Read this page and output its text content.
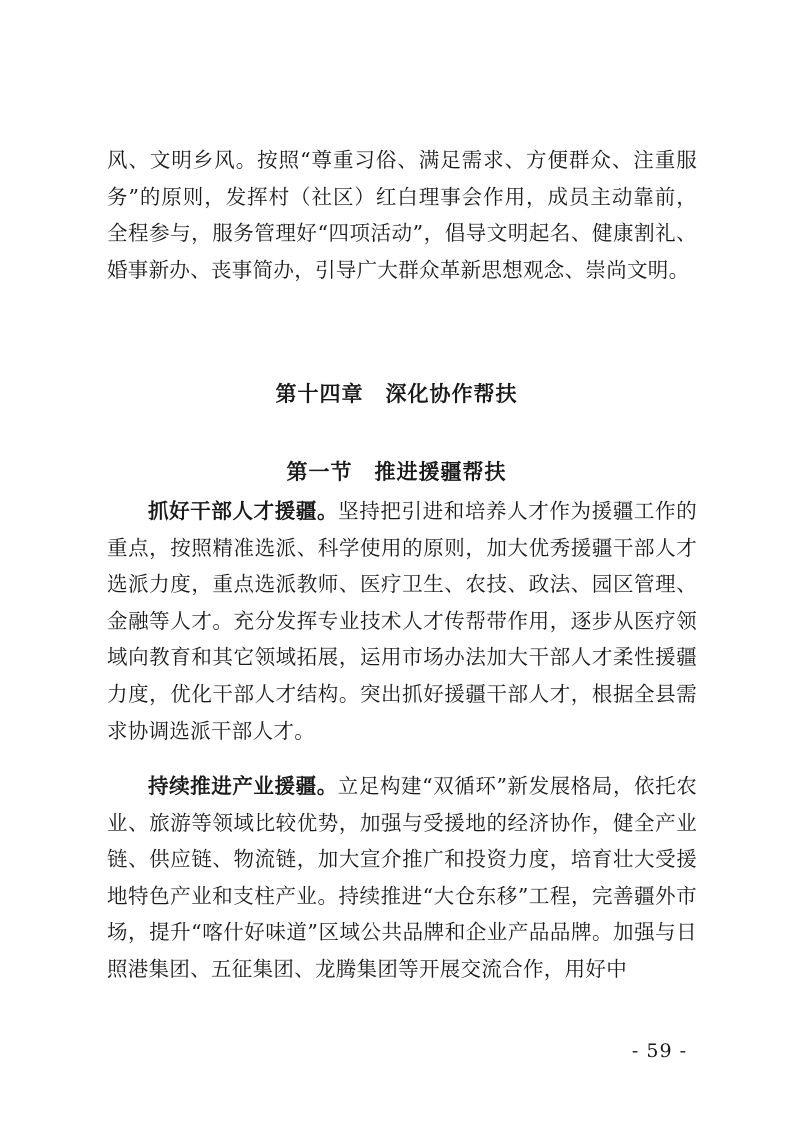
风、文明乡风。按照“尊重习俗、满足需求、方便群众、注重服务”的原则，发挥村（社区）红白理事会作用，成员主动靠前，全程参与，服务管理好“四项活动”，倡导文明起名、健康割礼、婚事新办、丧事简办，引导广大群众革新思想观念、崇尚文明。

第十四章 深化协作帮扶
第一节 推进援疆帮扶

抓好干部人才援疆。坚持把引进和培养人才作为援疆工作的重点，按照精准选派、科学使用的原则，加大优秀援疆干部人才选派力度，重点选派教师、医疗卫生、农技、政法、园区管理、金融等人才。充分发挥专业技术人才传帮带作用，逐步从医疗领域向教育和其它领域拓展，运用市场办法加大干部人才柔性援疆力度，优化干部人才结构。突出抓好援疆干部人才，根据全县需求协调选派干部人才。

持续推进产业援疆。立足构建“双循环”新发展格局，依托农业、旅游等领域比较优势，加强与受援地的经济协作，健全产业链、供应链、物流链，加大宣介推广和投资力度，培育壮大受援地特色产业和支柱产业。持续推进“大仓东移”工程，完善疆外市场，提升“喀什好味道”区域公共品牌和企业产品品牌。加强与日照港集团、五征集团、龙腾集团等开展交流合作，用好中

- 59 -
